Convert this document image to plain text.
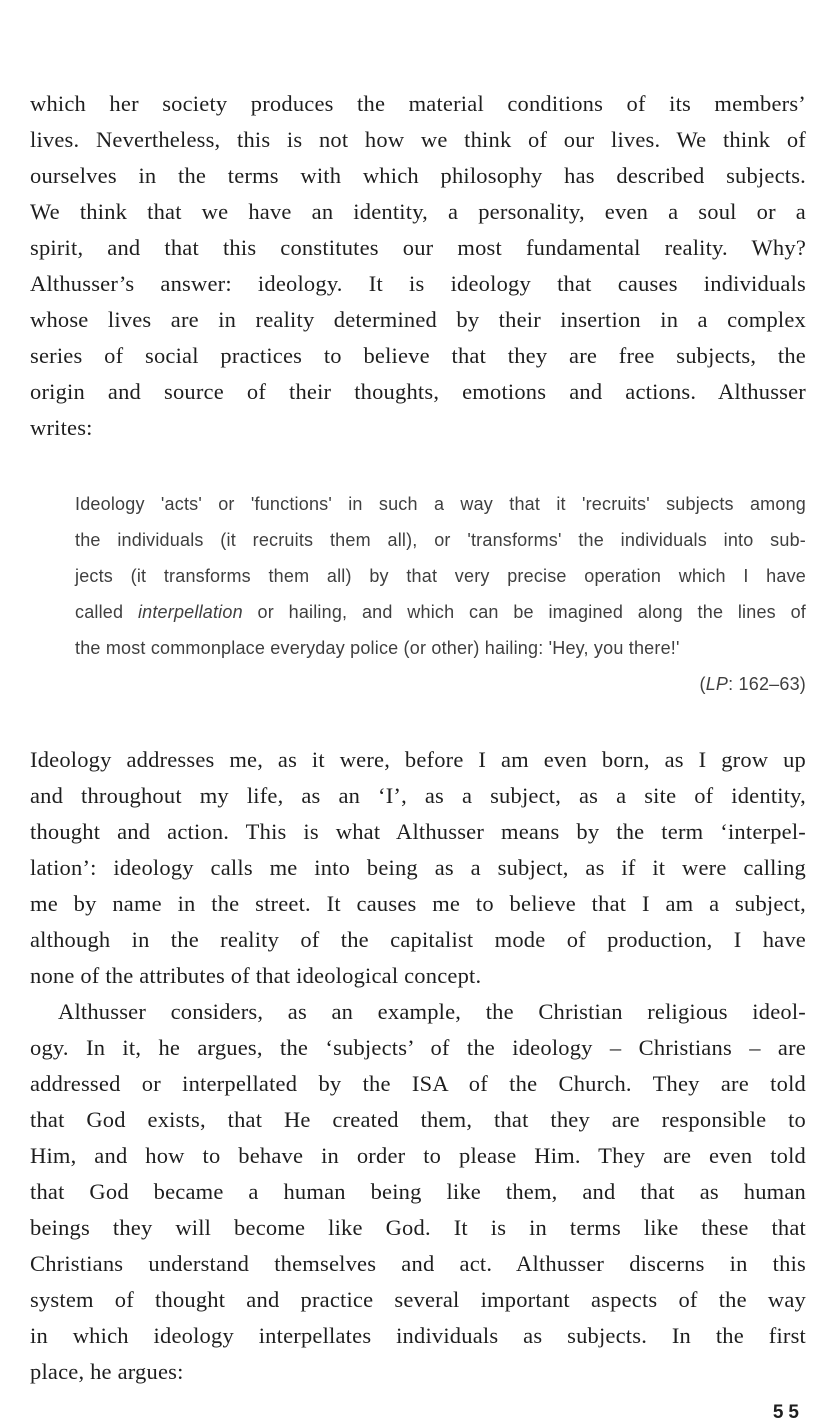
which her society produces the material conditions of its members’
lives. Nevertheless, this is not how we think of our lives. We think of
ourselves in the terms with which philosophy has described subjects.
We think that we have an identity, a personality, even a soul or a
spirit, and that this constitutes our most fundamental reality. Why?
Althusser’s answer: ideology. It is ideology that causes individuals
whose lives are in reality determined by their insertion in a complex
series of social practices to believe that they are free subjects, the
origin and source of their thoughts, emotions and actions. Althusser
writes:
Ideology 'acts' or 'functions' in such a way that it 'recruits' subjects among
the individuals (it recruits them all), or 'transforms' the individuals into sub-
jects (it transforms them all) by that very precise operation which I have
called interpellation or hailing, and which can be imagined along the lines of
the most commonplace everyday police (or other) hailing: 'Hey, you there!'
(LP: 162–63)
Ideology addresses me, as it were, before I am even born, as I grow up
and throughout my life, as an ‘I’, as a subject, as a site of identity,
thought and action. This is what Althusser means by the term ‘interpel-
lation’: ideology calls me into being as a subject, as if it were calling
me by name in the street. It causes me to believe that I am a subject,
although in the reality of the capitalist mode of production, I have
none of the attributes of that ideological concept.
Althusser considers, as an example, the Christian religious ideol-
ogy. In it, he argues, the ‘subjects’ of the ideology – Christians – are
addressed or interpellated by the ISA of the Church. They are told
that God exists, that He created them, that they are responsible to
Him, and how to behave in order to please Him. They are even told
that God became a human being like them, and that as human
beings they will become like God. It is in terms like these that
Christians understand themselves and act. Althusser discerns in this
system of thought and practice several important aspects of the way
in which ideology interpellates individuals as subjects. In the first
place, he argues:
55
